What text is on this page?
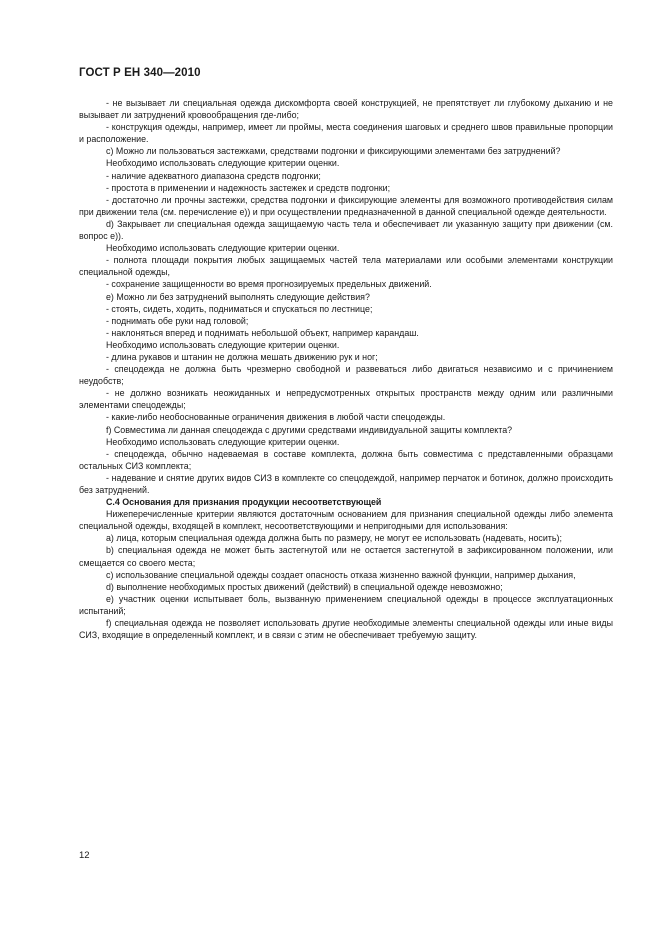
ГОСТ Р ЕН 340—2010

- не вызывает ли специальная одежда дискомфорта своей конструкцией, не препятствует ли глубокому дыханию и не вызывает ли затруднений кровообращения где-либо;

- конструкция одежды, например, имеет ли проймы, места соединения шаговых и среднего швов правильные пропорции и расположение.

c) Можно ли пользоваться застежками, средствами подгонки и фиксирующими элементами без затруднений?

Необходимо использовать следующие критерии оценки.

- наличие адекватного диапазона средств подгонки;

- простота в применении и надежность застежек и средств подгонки;

- достаточно ли прочны застежки, средства подгонки и фиксирующие элементы для возможного противодействия силам при движении тела (см. перечисление е)) и при осуществлении предназначенной в данной специальной одежде деятельности.

d) Закрывает ли специальная одежда защищаемую часть тела и обеспечивает ли указанную защиту при движении (см. вопрос е)).

Необходимо использовать следующие критерии оценки.

- полнота площади покрытия любых защищаемых частей тела материалами или особыми элементами конструкции специальной одежды,

- сохранение защищенности во время прогнозируемых предельных движений.

е) Можно ли без затруднений выполнять следующие действия?

- стоять, сидеть, ходить, подниматься и спускаться по лестнице;

- поднимать обе руки над головой;

- наклоняться вперед и поднимать небольшой объект, например карандаш.

Необходимо использовать следующие критерии оценки.

- длина рукавов и штанин не должна мешать движению рук и ног;

- спецодежда не должна быть чрезмерно свободной и развеваться либо двигаться независимо и с причинением неудобств;

- не должно возникать неожиданных и непредусмотренных открытых пространств между одним или различными элементами спецодежды;

- какие-либо необоснованные ограничения движения в любой части спецодежды.

f) Совместима ли данная спецодежда с другими средствами индивидуальной защиты комплекта?

Необходимо использовать следующие критерии оценки.

- спецодежда, обычно надеваемая в составе комплекта, должна быть совместима с представленными образцами остальных СИЗ комплекта;

- надевание и снятие других видов СИЗ в комплекте со спецодеждой, например перчаток и ботинок, должно происходить без затруднений.

С.4 Основания для признания продукции несоответствующей

Нижеперечисленные критерии являются достаточным основанием для признания специальной одежды либо элемента специальной одежды, входящей в комплект, несоответствующими и непригодными для использования:

a) лица, которым специальная одежда должна быть по размеру, не могут ее использовать (надевать, носить);

b) специальная одежда не может быть застегнутой или не остается застегнутой в зафиксированном положении, или смещается со своего места;

c) использование специальной одежды создает опасность отказа жизненно важной функции, например дыхания,

d) выполнение необходимых простых движений (действий) в специальной одежде невозможно;

е) участник оценки испытывает боль, вызванную применением специальной одежды в процессе эксплуатационных испытаний;

f) специальная одежда не позволяет использовать другие необходимые элементы специальной одежды или иные виды СИЗ, входящие в определенный комплект, и в связи с этим не обеспечивает требуемую защиту.

12
